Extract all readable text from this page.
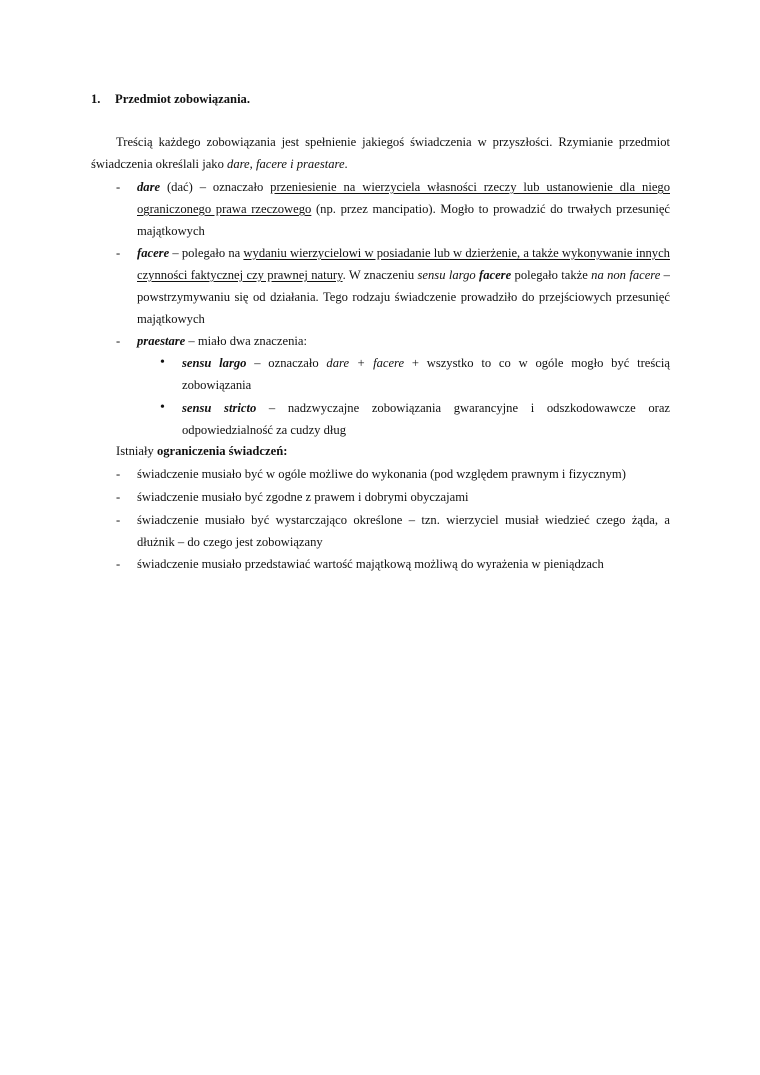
1. Przedmiot zobowiązania.
Treścią każdego zobowiązania jest spełnienie jakiegoś świadczenia w przyszłości. Rzymianie przedmiot
świadczenia określali jako dare, facere i praestare.
- dare (dać) – oznaczało przeniesienie na wierzyciela własności rzeczy lub ustanowienie dla niego ograniczonego prawa rzeczowego (np. przez mancipatio). Mogło to prowadzić do trwałych przesunięć majątkowych
- facere – polegało na wydaniu wierzycielowi w posiadanie lub w dzierżenie, a także wykonywanie innych czynności faktycznej czy prawnej natury. W znaczeniu sensu largo facere polegało także na non facere – powstrzymywaniu się od działania. Tego rodzaju świadczenie prowadziło do przejściowych przesunięć majątkowych
- praestare – miało dwa znaczenia:
• sensu largo – oznaczało dare + facere + wszystko to co w ogóle mogło być treścią zobowiązania
• sensu stricto – nadzwyczajne zobowiązania gwarancyjne i odszkodowawcze oraz odpowiedzialność za cudzy dług
Istniały ograniczenia świadczeń:
- świadczenie musiało być w ogóle możliwe do wykonania (pod względem prawnym i fizycznym)
- świadczenie musiało być zgodne z prawem i dobrymi obyczajami
- świadczenie musiało być wystarczająco określone – tzn. wierzyciel musiał wiedzieć czego żąda, a dłużnik – do czego jest zobowiązany
- świadczenie musiało przedstawiać wartość majątkową możliwą do wyrażenia w pieniądzach
